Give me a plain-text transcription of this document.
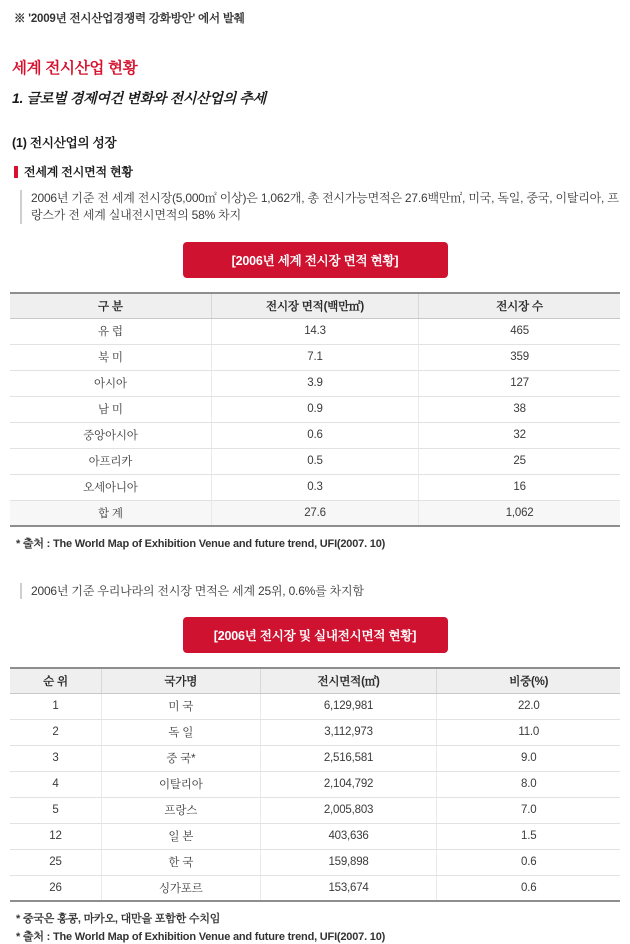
※ '2009년 전시산업경쟁력 강화방안' 에서 발췌
세계 전시산업 현황
1. 글로벌 경제여건 변화와 전시산업의 추세
(1) 전시산업의 성장
전세계 전시면적 현황
2006년 기준 전 세계 전시장(5,000㎡ 이상)은 1,062개, 총 전시가능면적은 27.6백만㎡, 미국, 독일, 중국, 이탈리아, 프랑스가 전 세계 실내전시면적의 58% 차지
[2006년 세계 전시장 면적 현황]
구 분	전시장 면적(백만㎡)	전시장 수
유 럽	14.3	465
북 미	7.1	359
아시아	3.9	127
남 미	0.9	38
중앙아시아	0.6	32
아프리카	0.5	25
오세아니아	0.3	16
합 계	27.6	1,062
* 출처 : The World Map of Exhibition Venue and future trend, UFI(2007. 10)
2006년 기준 우리나라의 전시장 면적은 세계 25위, 0.6%를 차지함
[2006년 전시장 및 실내전시면적 현황]
순 위	국가명	전시면적(㎡)	비중(%)
1	미 국	6,129,981	22.0
2	독 일	3,112,973	11.0
3	중 국*	2,516,581	9.0
4	이탈리아	2,104,792	8.0
5	프랑스	2,005,803	7.0
12	일 본	403,636	1.5
25	한 국	159,898	0.6
26	싱가포르	153,674	0.6
* 중국은 홍콩, 마카오, 대만을 포함한 수치임
* 출처 : The World Map of Exhibition Venue and future trend, UFI(2007. 10)
